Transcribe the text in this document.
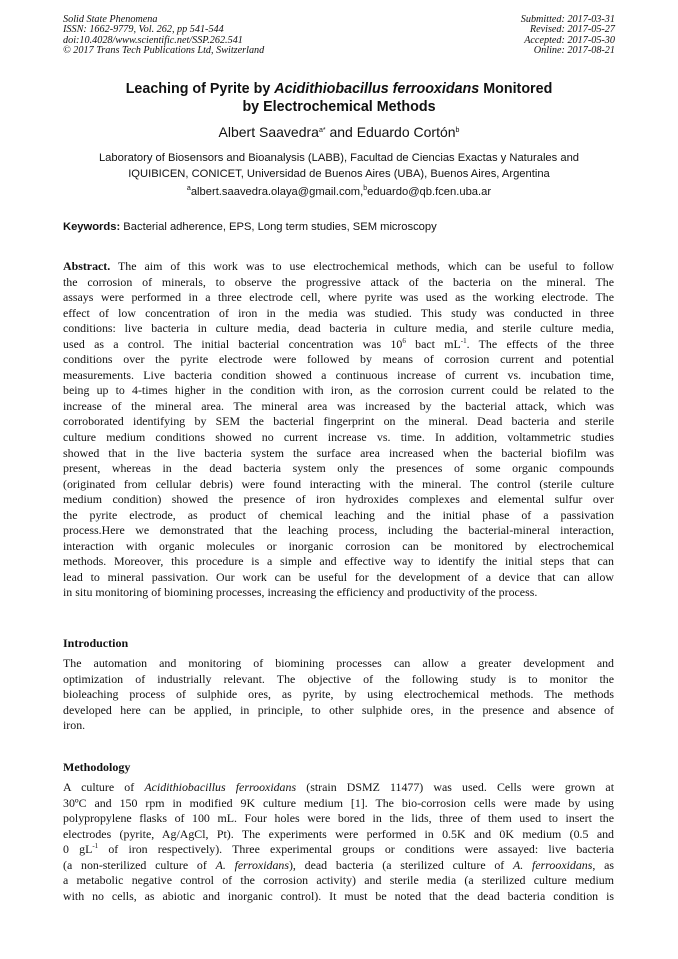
Solid State Phenomena
ISSN: 1662-9779, Vol. 262, pp 541-544
doi:10.4028/www.scientific.net/SSP.262.541
© 2017 Trans Tech Publications Ltd, Switzerland
Submitted: 2017-03-31
Revised: 2017-05-27
Accepted: 2017-05-30
Online: 2017-08-21
Leaching of Pyrite by Acidithiobacillus ferrooxidans Monitored
by Electrochemical Methods
Albert Saavedra$^{a*}$ and Eduardo Cortón$^b$
Laboratory of Biosensors and Bioanalysis (LABB), Facultad de Ciencias Exactas y Naturales and
IQUIBICEN, CONICET, Universidad de Buenos Aires (UBA), Buenos Aires, Argentina
$^a$albert.saavedra.olaya@gmail.com,$^b$eduardo@qb.fcen.uba.ar
Keywords: Bacterial adherence, EPS, Long term studies, SEM microscopy
Abstract. The aim of this work was to use electrochemical methods, which can be useful to follow
the corrosion of minerals, to observe the progressive attack of the bacteria on the mineral. The
assays were performed in a three electrode cell, where pyrite was used as the working electrode. The
effect of low concentration of iron in the media was studied. This study was conducted in three
conditions: live bacteria in culture media, dead bacteria in culture media, and sterile culture media,
used as a control. The initial bacterial concentration was $10^6$ bact $mL^{-1}$. The effects of the three
conditions over the pyrite electrode were followed by means of corrosion current and potential
measurements. Live bacteria condition showed a continuous increase of current vs. incubation time,
being up to 4-times higher in the condition with iron, as the corrosion current could be related to the
increase of the mineral area. The mineral area was increased by the bacterial attack, which was
corroborated identifying by SEM the bacterial fingerprint on the mineral. Dead bacteria and sterile
culture medium conditions showed no current increase vs. time. In addition, voltammetric studies
showed that in the live bacteria system the surface area increased when the bacterial biofilm was
present, whereas in the dead bacteria system only the presences of some organic compounds
(originated from cellular debris) were found interacting with the mineral. The control (sterile culture
medium condition) showed the presence of iron hydroxides complexes and elemental sulfur over
the pyrite electrode, as product of chemical leaching and the initial phase of a passivation
process.Here we demonstrated that the leaching process, including the bacterial-mineral interaction,
interaction with organic molecules or inorganic corrosion can be monitored by electrochemical
methods. Moreover, this procedure is a simple and effective way to identify the initial steps that can
lead to mineral passivation. Our work can be useful for the development of a device that can allow
in situ monitoring of biomining processes, increasing the efficiency and productivity of the process.
Introduction
The automation and monitoring of biomining processes can allow a greater development and
optimization of industrially relevant. The objective of the following study is to monitor the
bioleaching process of sulphide ores, as pyrite, by using electrochemical methods. The methods
developed here can be applied, in principle, to other sulphide ores, in the presence and absence of
iron.
Methodology
A culture of Acidithiobacillus ferrooxidans (strain DSMZ 11477) was used. Cells were grown at
30ºC and 150 rpm in modified 9K culture medium [1]. The bio-corrosion cells were made by using
polypropylene flasks of 100 mL. Four holes were bored in the lids, three of them used to insert the
electrodes (pyrite, Ag/AgCl, Pt). The experiments were performed in 0.5K and 0K medium (0.5 and
0 $gL^{-1}$ of iron respectively). Three experimental groups or conditions were assayed: live bacteria
(a non-sterilized culture of A. ferroxidans), dead bacteria (a sterilized culture of A. ferrooxidans, as
a metabolic negative control of the corrosion activity) and sterile media (a sterilized culture medium
with no cells, as abiotic and inorganic control). It must be noted that the dead bacteria condition is
